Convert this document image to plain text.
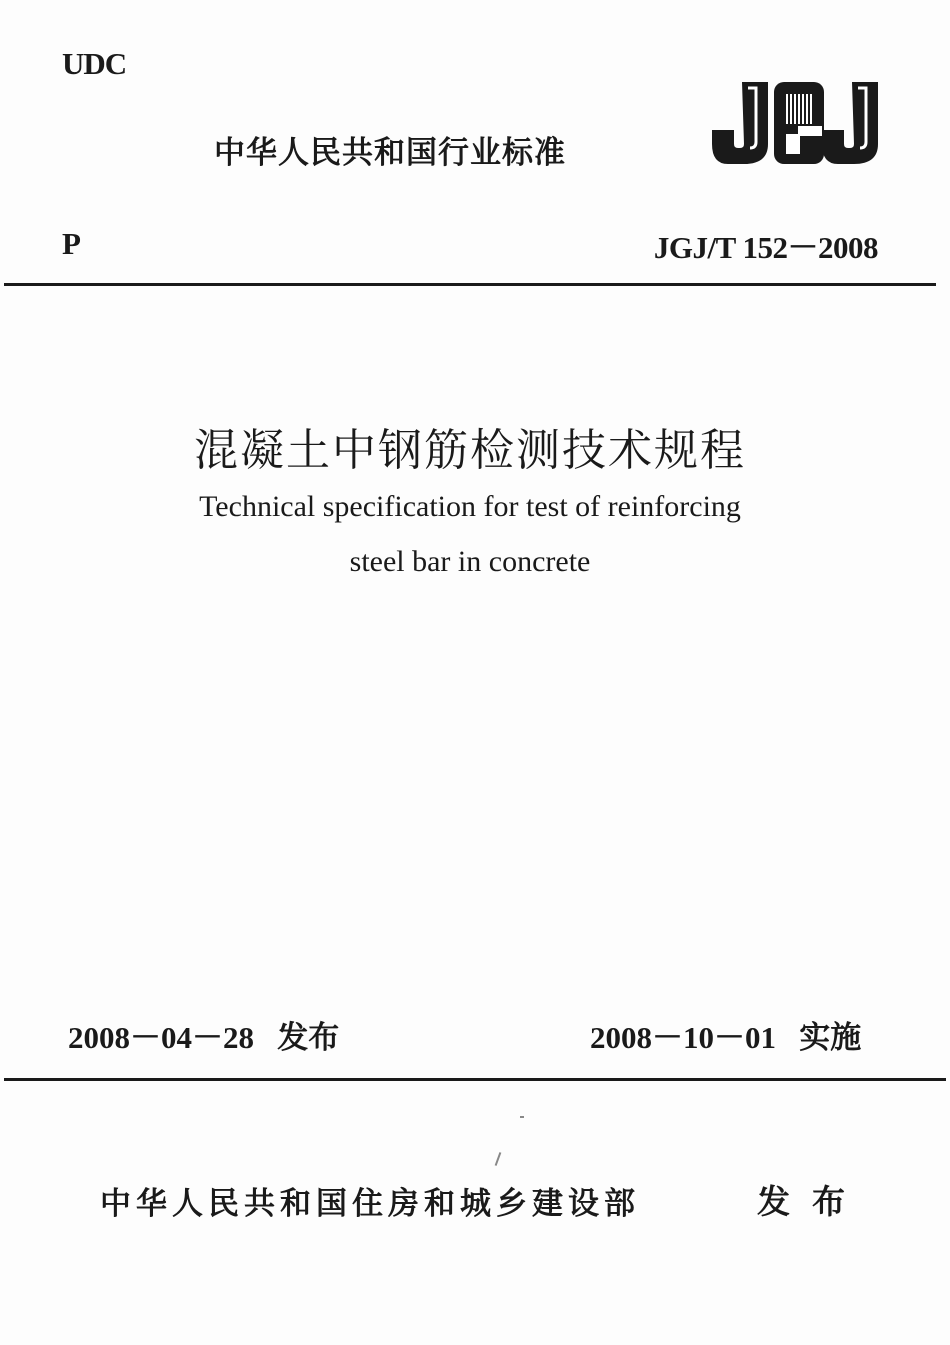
UDC
中华人民共和国行业标准
P	JGJ/T 152－2008
混凝土中钢筋检测技术规程
Technical specification for test of reinforcing
steel bar in concrete
2008－04－28 发布	2008－10－01 实施
中华人民共和国住房和城乡建设部	发布
